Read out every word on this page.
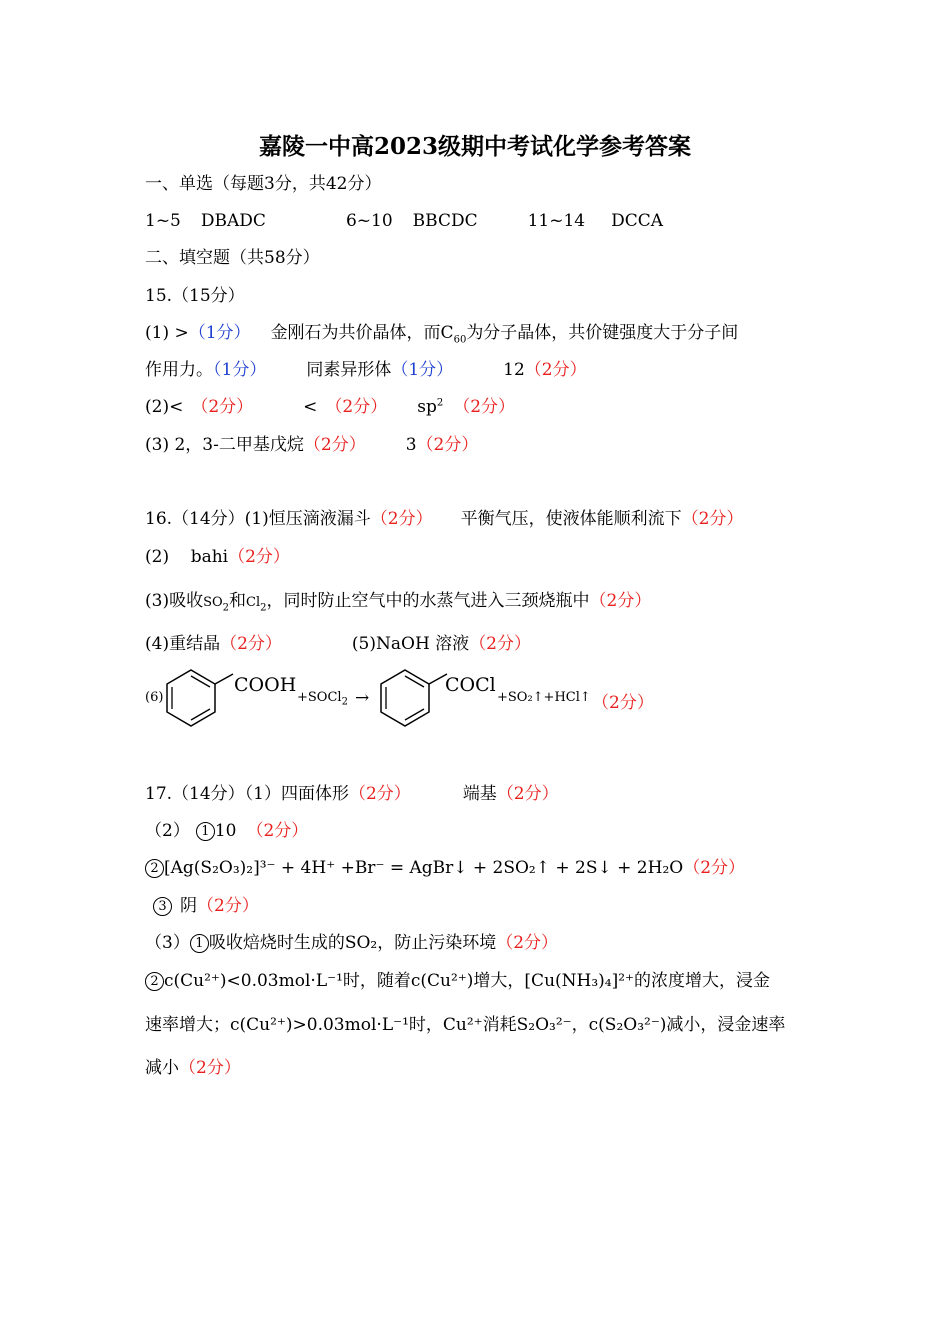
嘉陵一中高2023级期中考试化学参考答案
一、单选（每题3分，共42分）
1~5 DBADC	6~10 BBCDC	11~14 DCCA
二、填空题（共58分）
15.（15分）
(1) >（1分） 金刚石为共价晶体，而$C_{60}$为分子晶体，共价键强度大于分子间
作用力。（1分） 同素异形体（1分）	12（2分）
(2)< （2分）	< （2分） $sp^2$ （2分）
(3) 2，3-二甲基戊烷（2分） 3（2分）
16.（14分）(1)恒压滴液漏斗（2分） 平衡气压，使液体能顺利流下（2分）
(2)    bahi（2分）
(3)吸收$SO_2$和$Cl_2$，同时防止空气中的水蒸气进入三颈烧瓶中（2分）
(4)重结晶（2分）	(5)NaOH 溶液（2分）
(6)
COOH
+SOCl$_2$ →
COCl
+SO₂↑+HCl↑ （2分）
17.（14分）（1）四面体形（2分）	端基（2分）
（2） 1 10 （2分）
2 [Ag(S₂O₃)₂]³⁻ + 4H⁺ +Br⁻ = AgBr↓ + 2SO₂↑ + 2S↓ + 2H₂O（2分）
3 阴（2分）
（3） 1 吸收焙烧时生成的SO₂，防止污染环境（2分）
2 c(Cu²⁺)<0.03mol·L⁻¹时，随着c(Cu²⁺)增大，[Cu(NH₃)₄]²⁺的浓度增大，浸金
速率增大；c(Cu²⁺)>0.03mol·L⁻¹时，Cu²⁺消耗S₂O₃²⁻，c(S₂O₃²⁻)减小，浸金速率
减小（2分）
